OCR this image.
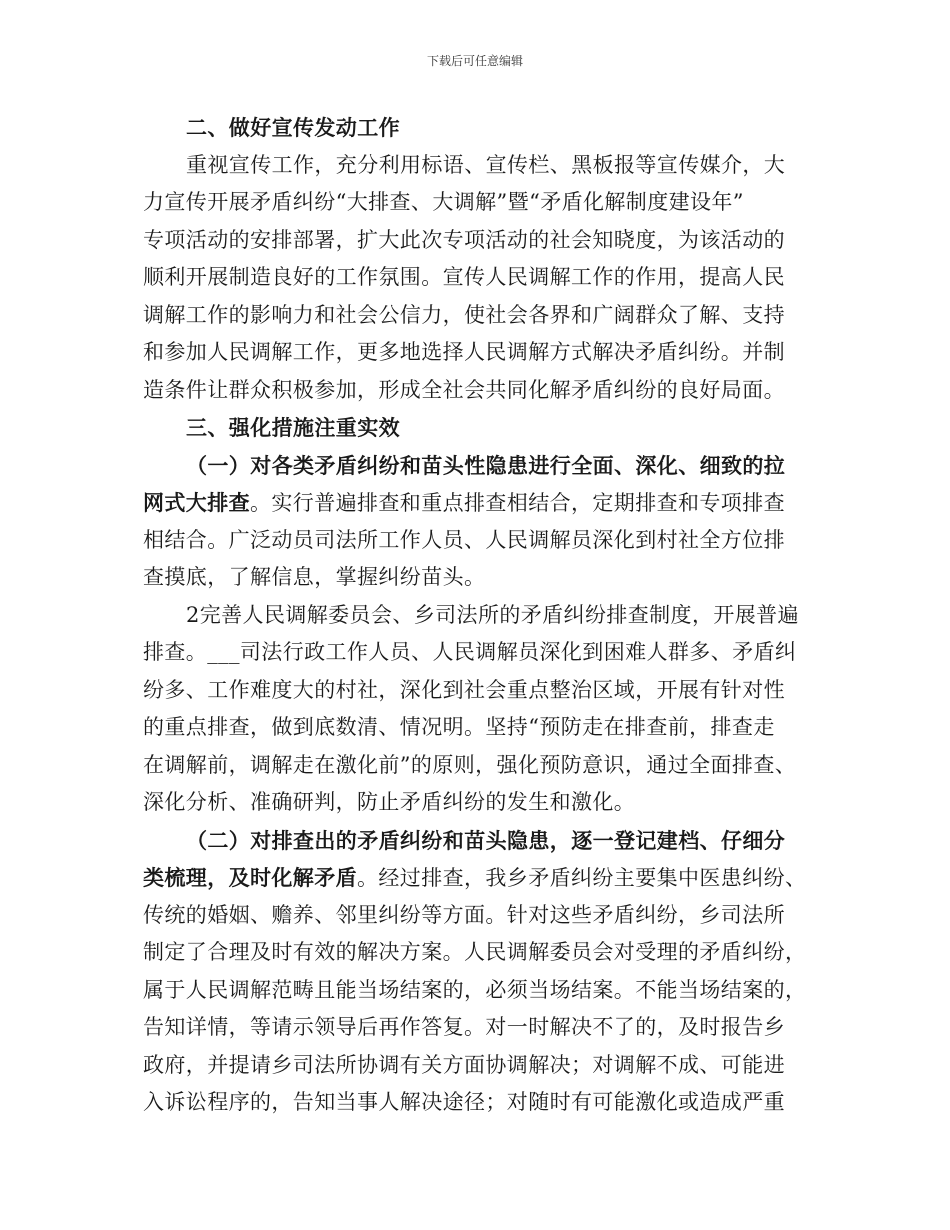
下载后可任意编辑
二、做好宣传发动工作
重视宣传工作，充分利用标语、宣传栏、黑板报等宣传媒介，大
力宣传开展矛盾纠纷“大排查、大调解”暨“矛盾化解制度建设年”
专项活动的安排部署，扩大此次专项活动的社会知晓度，为该活动的
顺利开展制造良好的工作氛围。宣传人民调解工作的作用，提高人民
调解工作的影响力和社会公信力，使社会各界和广阔群众了解、支持
和参加人民调解工作，更多地选择人民调解方式解决矛盾纠纷。并制
造条件让群众积极参加，形成全社会共同化解矛盾纠纷的良好局面。
三、强化措施注重实效
（一）对各类矛盾纠纷和苗头性隐患进行全面、深化、细致的拉
网式大排查。实行普遍排查和重点排查相结合，定期排查和专项排查
相结合。广泛动员司法所工作人员、人民调解员深化到村社全方位排
查摸底，了解信息，掌握纠纷苗头。
2完善人民调解委员会、乡司法所的矛盾纠纷排查制度，开展普遍
排查。___司法行政工作人员、人民调解员深化到困难人群多、矛盾纠
纷多、工作难度大的村社，深化到社会重点整治区域，开展有针对性
的重点排查，做到底数清、情况明。坚持“预防走在排查前，排查走
在调解前，调解走在激化前”的原则，强化预防意识，通过全面排查、
深化分析、准确研判，防止矛盾纠纷的发生和激化。
（二）对排查出的矛盾纠纷和苗头隐患，逐一登记建档、仔细分
类梳理，及时化解矛盾。经过排查，我乡矛盾纠纷主要集中医患纠纷、
传统的婚姻、赡养、邻里纠纷等方面。针对这些矛盾纠纷，乡司法所
制定了合理及时有效的解决方案。人民调解委员会对受理的矛盾纠纷，
属于人民调解范畴且能当场结案的，必须当场结案。不能当场结案的，
告知详情，等请示领导后再作答复。对一时解决不了的，及时报告乡
政府，并提请乡司法所协调有关方面协调解决；对调解不成、可能进
入诉讼程序的，告知当事人解决途径；对随时有可能激化或造成严重
